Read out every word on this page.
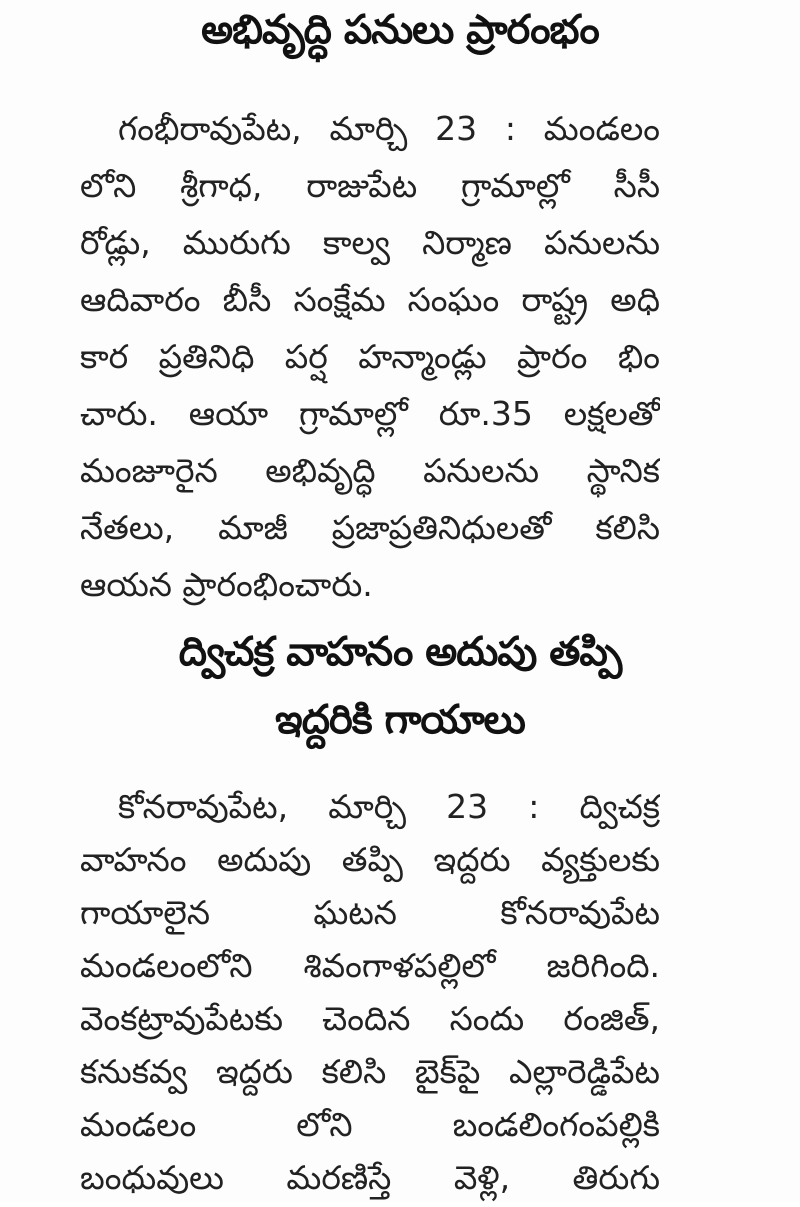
అభివృద్ధి పనులు ప్రారంభం
గంభీరావుపేట, మార్చి 23 : మండలం
లోని శ్రీగాధ, రాజుపేట గ్రామాల్లో సీసీ
రోడ్లు, మురుగు కాల్వ నిర్మాణ పనులను
ఆదివారం బీసీ సంక్షేమ సంఘం రాష్ట్ర అధి
కార ప్రతినిధి పర్ష హన్మాండ్లు ప్రారం భిం
చారు. ఆయా గ్రామాల్లో రూ.35 లక్షలతో
మంజూరైన అభివృద్ధి పనులను స్థానిక
నేతలు, మాజీ ప్రజాప్రతినిధులతో కలిసి
ఆయన ప్రారంభించారు.
ద్విచక్ర వాహనం అదుపు తప్పి
ఇద్దరికి గాయాలు
కోనరావుపేట, మార్చి 23 : ద్విచక్ర
వాహనం అదుపు తప్పి ఇద్దరు వ్యక్తులకు
గాయాలైన ఘటన కోనరావుపేట
మండలంలోని శివంగాళపల్లిలో జరిగింది.
వెంకట్రావుపేటకు చెందిన సందు రంజిత్,
కనుకవ్వ ఇద్దరు కలిసి బైక్‌పై ఎల్లారెడ్డిపేట
మండలం లోని బండలింగంపల్లికి
బంధువులు మరణిస్తే వెళ్లి, తిరుగు
